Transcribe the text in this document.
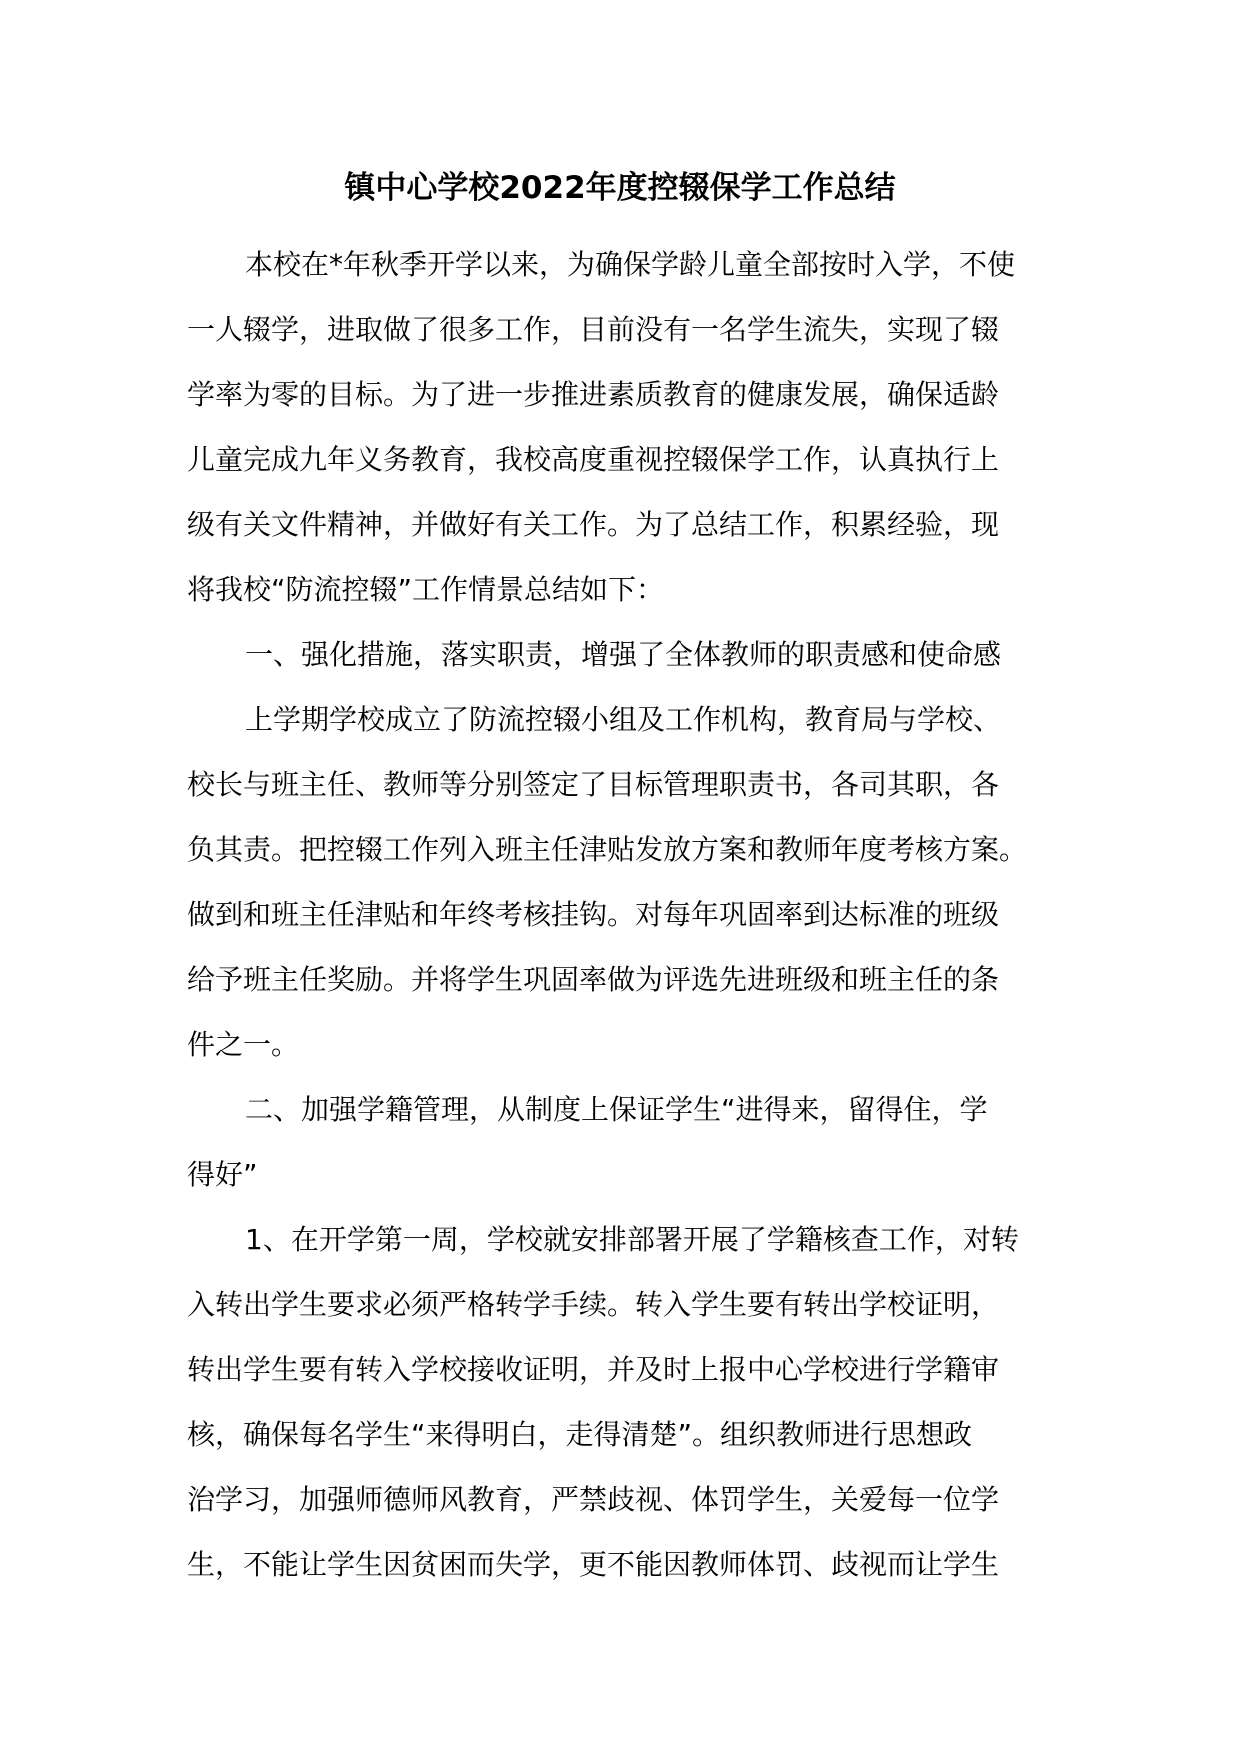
镇中心学校2022年度控辍保学工作总结
本校在*年秋季开学以来，为确保学龄儿童全部按时入学，不使
一人辍学，进取做了很多工作，目前没有一名学生流失，实现了辍
学率为零的目标。为了进一步推进素质教育的健康发展，确保适龄
儿童完成九年义务教育，我校高度重视控辍保学工作，认真执行上
级有关文件精神，并做好有关工作。为了总结工作，积累经验，现
将我校“防流控辍”工作情景总结如下：
一、强化措施，落实职责，增强了全体教师的职责感和使命感
上学期学校成立了防流控辍小组及工作机构，教育局与学校、
校长与班主任、教师等分别签定了目标管理职责书，各司其职，各
负其责。把控辍工作列入班主任津贴发放方案和教师年度考核方案。
做到和班主任津贴和年终考核挂钩。对每年巩固率到达标准的班级
给予班主任奖励。并将学生巩固率做为评选先进班级和班主任的条
件之一。
二、加强学籍管理，从制度上保证学生“进得来，留得住，学
得好”
1、在开学第一周，学校就安排部署开展了学籍核查工作，对转
入转出学生要求必须严格转学手续。转入学生要有转出学校证明，
转出学生要有转入学校接收证明，并及时上报中心学校进行学籍审
核，确保每名学生“来得明白，走得清楚”。组织教师进行思想政
治学习，加强师德师风教育，严禁歧视、体罚学生，关爱每一位学
生，不能让学生因贫困而失学，更不能因教师体罚、歧视而让学生
